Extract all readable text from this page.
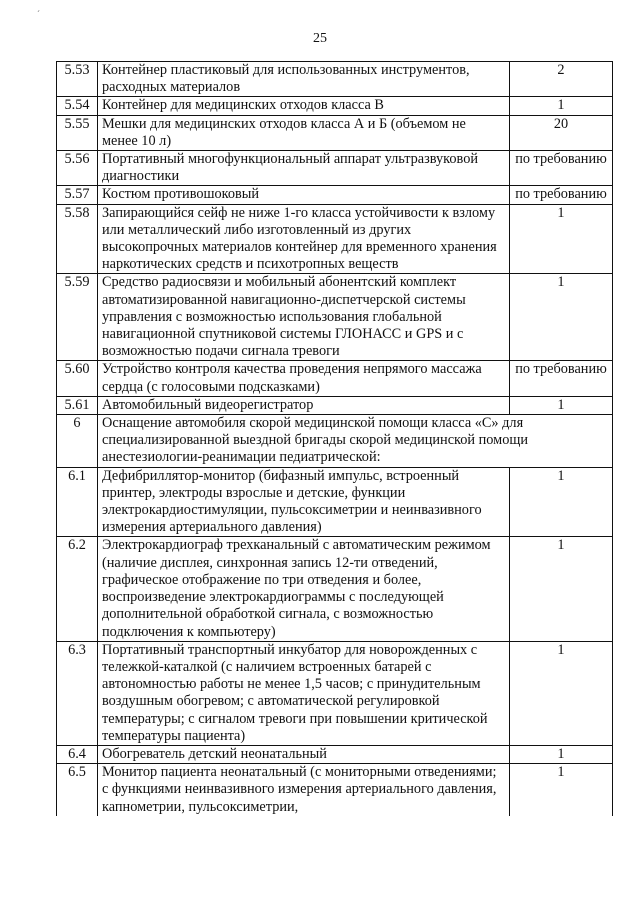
´
25
5.53	Контейнер пластиковый для использованных инструментов, расходных материалов	2
5.54	Контейнер для медицинских отходов класса В	1
5.55	Мешки для медицинских отходов класса А и Б (объемом не менее 10 л)	20
5.56	Портативный многофункциональный аппарат ультразвуковой диагностики	по требованию
5.57	Костюм противошоковый	по требованию
5.58	Запирающийся сейф не ниже 1-го класса устойчивости к взлому или металлический либо изготовленный из других высокопрочных материалов контейнер для временного хранения наркотических средств и психотропных веществ	1
5.59	Средство радиосвязи и мобильный абонентский комплект автоматизированной навигационно-диспетчерской системы управления с возможностью использования глобальной навигационной спутниковой системы ГЛОНАСС и GPS и с возможностью подачи сигнала тревоги	1
5.60	Устройство контроля качества проведения непрямого массажа сердца (с голосовыми подсказками)	по требованию
5.61	Автомобильный видеорегистратор	1
6	Оснащение автомобиля скорой медицинской помощи класса «С» для специализированной выездной бригады скорой медицинской помощи анестезиологии-реанимации педиатрической:	
6.1	Дефибриллятор-монитор (бифазный импульс, встроенный принтер, электроды взрослые и детские, функции электрокардиостимуляции, пульсоксиметрии и неинвазивного измерения артериального давления)	1
6.2	Электрокардиограф трехканальный с автоматическим режимом (наличие дисплея, синхронная запись 12-ти отведений, графическое отображение по три отведения и более, воспроизведение электрокардиограммы с последующей дополнительной обработкой сигнала, с возможностью подключения к компьютеру)	1
6.3	Портативный транспортный инкубатор для новорожденных с тележкой-каталкой (с наличием встроенных батарей с автономностью работы не менее 1,5 часов; с принудительным воздушным обогревом; с автоматической регулировкой температуры; с сигналом тревоги при повышении критической температуры пациента)	1
6.4	Обогреватель детский неонатальный	1
6.5	Монитор пациента неонатальный (с мониторными отведениями; с функциями неинвазивного измерения артериального давления, капнометрии, пульсоксиметрии,	1
